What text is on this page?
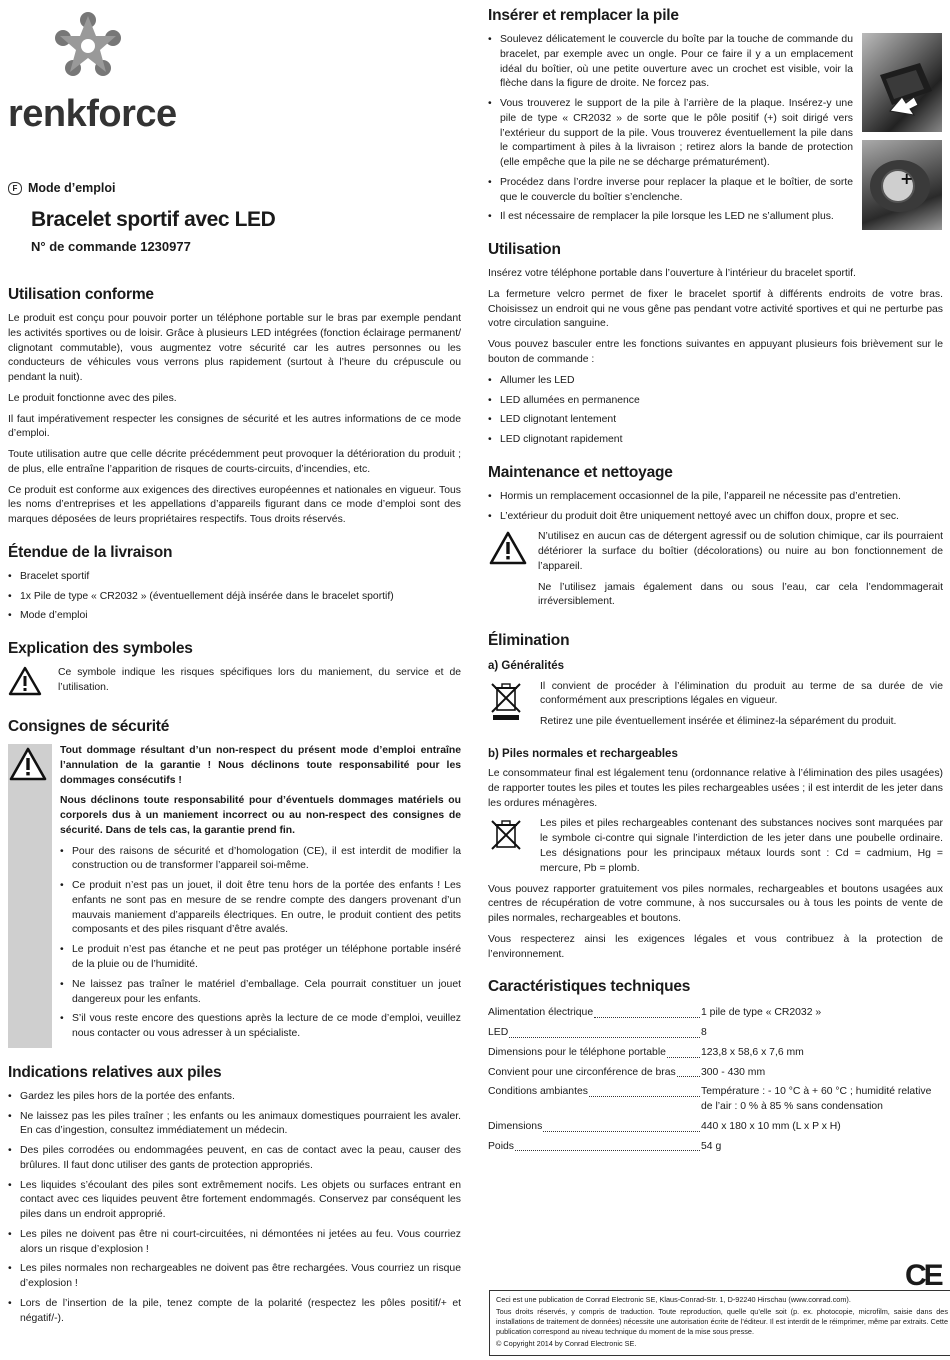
renkforce
F Mode d’emploi
Bracelet sportif avec LED
N° de commande 1230977
Utilisation conforme

Le produit est conçu pour pouvoir porter un téléphone portable sur le bras par exemple pendant les activités sportives ou de loisir. Grâce à plusieurs LED intégrées (fonction éclairage permanent/ clignotant commutable), vous augmentez votre sécurité car les autres personnes ou les conducteurs de véhicules vous verrons plus rapidement (surtout à l’heure du crépuscule ou pendant la nuit).

Le produit fonctionne avec des piles.

Il faut impérativement respecter les consignes de sécurité et les autres informations de ce mode d’emploi.

Toute utilisation autre que celle décrite précédemment peut provoquer la détérioration du produit ; de plus, elle entraîne l’apparition de risques de courts-circuits, d’incendies, etc.

Ce produit est conforme aux exigences des directives européennes et nationales en vigueur. Tous les noms d’entreprises et les appellations d’appareils figurant dans ce mode d’emploi sont des marques déposées de leurs propriétaires respectifs. Tous droits réservés.

Étendue de la livraison
• Bracelet sportif
• 1x Pile de type « CR2032 » (éventuellement déjà insérée dans le bracelet sportif)
• Mode d’emploi
Explication des symboles

Ce symbole indique les risques spécifiques lors du maniement, du service et de l’utilisation.

Consignes de sécurité

Tout dommage résultant d’un non-respect du présent mode d’emploi entraîne l’annulation de la garantie ! Nous déclinons toute responsabilité pour les dommages consécutifs !

Nous déclinons toute responsabilité pour d’éventuels dommages matériels ou corporels dus à un maniement incorrect ou au non-respect des consignes de sécurité. Dans de tels cas, la garantie prend fin.

• Pour des raisons de sécurité et d’homologation (CE), il est interdit de modifier la construction ou de transformer l’appareil soi-même.
• Ce produit n’est pas un jouet, il doit être tenu hors de la portée des enfants ! Les enfants ne sont pas en mesure de se rendre compte des dangers provenant d’un mauvais maniement d’appareils électriques. En outre, le produit contient des petits composants et des piles risquant d’être avalés.
• Le produit n’est pas étanche et ne peut pas protéger un téléphone portable inséré de la pluie ou de l’humidité.
• Ne laissez pas traîner le matériel d’emballage. Cela pourrait constituer un jouet dangereux pour les enfants.
• S’il vous reste encore des questions après la lecture de ce mode d’emploi, veuillez nous contacter ou vous adresser à un spécialiste.
Indications relatives aux piles
• Gardez les piles hors de la portée des enfants.
• Ne laissez pas les piles traîner ; les enfants ou les animaux domestiques pourraient les avaler. En cas d’ingestion, consultez immédiatement un médecin.
• Des piles corrodées ou endommagées peuvent, en cas de contact avec la peau, causer des brûlures. Il faut donc utiliser des gants de protection appropriés.
• Les liquides s’écoulant des piles sont extrêmement nocifs. Les objets ou surfaces entrant en contact avec ces liquides peuvent être fortement endommagés. Conservez par conséquent les piles dans un endroit approprié.
• Les piles ne doivent pas être ni court-circuitées, ni démontées ni jetées au feu. Vous courriez alors un risque d’explosion !
• Les piles normales non rechargeables ne doivent pas être rechargées. Vous courriez un risque d’explosion !
• Lors de l’insertion de la pile, tenez compte de la polarité (respectez les pôles positif/+ et négatif/-).
Insérer et remplacer la pile
• Soulevez délicatement le couvercle du boîte par la touche de commande du bracelet, par exemple avec un ongle. Pour ce faire il y a un emplacement idéal du boîtier, où une petite ouverture avec un crochet est visible, voir la flèche dans la figure de droite. Ne forcez pas.
• Vous trouverez le support de la pile à l’arrière de la plaque. Insérez-y une pile de type « CR2032 » de sorte que le pôle positif (+) soit dirigé vers l’extérieur du support de la pile. Vous trouverez éventuellement la pile dans le compartiment à piles à la livraison ; retirez alors la bande de protection (elle empêche que la pile ne se décharge prématurément).
• Procédez dans l’ordre inverse pour replacer la plaque et le boîtier, de sorte que le couvercle du boîtier s’enclenche.
• Il est nécessaire de remplacer la pile lorsque les LED ne s’allument plus.
Utilisation

Insérez votre téléphone portable dans l’ouverture à l’intérieur du bracelet sportif.

La fermeture velcro permet de fixer le bracelet sportif à différents endroits de votre bras. Choisissez un endroit qui ne vous gêne pas pendant votre activité sportives et qui ne perturbe pas votre circulation sanguine.

Vous pouvez basculer entre les fonctions suivantes en appuyant plusieurs fois brièvement sur le bouton de commande :

• Allumer les LED
• LED allumées en permanence
• LED clignotant lentement
• LED clignotant rapidement
Maintenance et nettoyage
• Hormis un remplacement occasionnel de la pile, l’appareil ne nécessite pas d’entretien.
• L’extérieur du produit doit être uniquement nettoyé avec un chiffon doux, propre et sec.

N’utilisez en aucun cas de détergent agressif ou de solution chimique, car ils pourraient détériorer la surface du boîtier (décolorations) ou nuire au bon fonctionnement de l’appareil.

Ne l’utilisez jamais également dans ou sous l’eau, car cela l’endommagerait irréversiblement.

Élimination
a) Généralités

Il convient de procéder à l’élimination du produit au terme de sa durée de vie conformément aux prescriptions légales en vigueur.

Retirez une pile éventuellement insérée et éliminez-la séparément du produit.

b) Piles normales et rechargeables

Le consommateur final est légalement tenu (ordonnance relative à l’élimination des piles usagées) de rapporter toutes les piles et toutes les piles rechargeables usées ; il est interdit de les jeter dans les ordures ménagères.

Les piles et piles rechargeables contenant des substances nocives sont marquées par le symbole ci-contre qui signale l’interdiction de les jeter dans une poubelle ordinaire. Les désignations pour les principaux métaux lourds sont : Cd = cadmium, Hg = mercure, Pb = plomb.

Vous pouvez rapporter gratuitement vos piles normales, rechargeables et boutons usagées aux centres de récupération de votre commune, à nos succursales ou à tous les points de vente de piles normales, rechargeables et boutons.

Vous respecterez ainsi les exigences légales et vous contribuez à la protection de l’environnement.

Caractéristiques techniques
Alimentation électrique	1 pile de type « CR2032 »

LED	8

Dimensions pour le téléphone portable	123,8 x 58,6 x 7,6 mm

Convient pour une circonférence de bras	300 - 430 mm

Conditions ambiantes	Température : - 10 °C à + 60 °C ; humidité relative de l’air : 0 % à 85 % sans condensation

Dimensions	440 x 180 x 10 mm (L x P x H)

Poids	54 g
+
CE

Ceci est une publication de Conrad Electronic SE, Klaus-Conrad-Str. 1, D-92240 Hirschau (www.conrad.com).

Tous droits réservés, y compris de traduction. Toute reproduction, quelle qu’elle soit (p. ex. photocopie, microfilm, saisie dans des installations de traitement de données) nécessite une autorisation écrite de l’éditeur. Il est interdit de le réimprimer, même par extraits. Cette publication correspond au niveau technique du moment de la mise sous presse.

© Copyright 2014 by Conrad Electronic SE.
